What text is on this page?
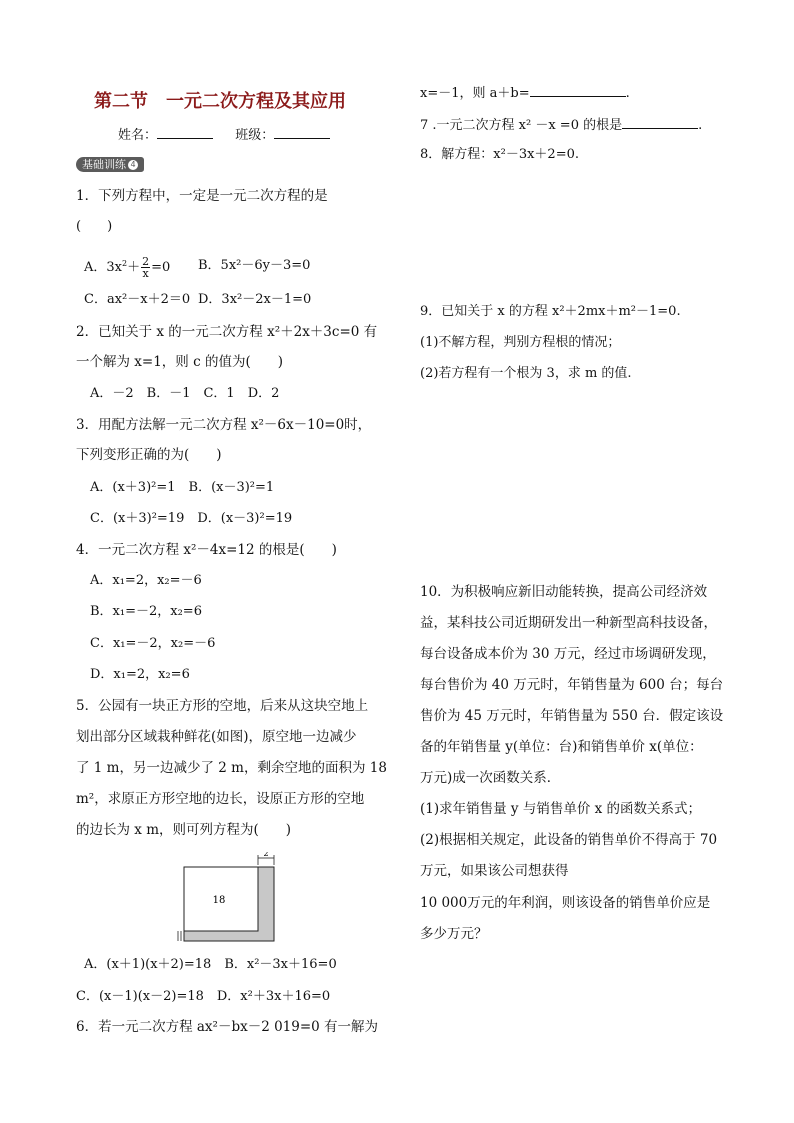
第二节 一元二次方程及其应用
姓名：	班级：
基础训练 4
1．下列方程中，一定是一元二次方程的是
(　　)
A．$3x^2+ \frac{2}{x} =0$ B．5x²－6y－3=0
C．ax²－x＋2＝0 D．3x²－2x－1=0
2．已知关于 x 的一元二次方程 x²＋2x＋3c=0 有
一个解为 x=1，则 c 的值为(　　)
A．－2　B．－1　C．1　D．2
3．用配方法解一元二次方程 x²－6x－10=0时，
下列变形正确的为(　　)
A．(x＋3)²=1　B．(x－3)²=1
C．(x＋3)²=19　D．(x－3)²=19
4．一元二次方程 x²－4x=12 的根是(　　)
A．x₁=2，x₂=－6
B．x₁=－2，x₂=6
C．x₁=－2，x₂=－6
D．x₁=2，x₂=6
5．公园有一块正方形的空地，后来从这块空地上
划出部分区域栽种鲜花(如图)，原空地一边减少
了 1 m，另一边减少了 2 m，剩余空地的面积为 18
m²，求原正方形空地的边长，设原正方形的空地
的边长为 x m，则可列方程为(　　)
18
2
A．(x＋1)(x＋2)=18　B．x²－3x＋16=0
C．(x－1)(x－2)=18　D．x²＋3x＋16=0
6．若一元二次方程 ax²－bx－2 019=0 有一解为
x=－1，则 a＋b=	.
7 .一元二次方程 x² －x =0 的根是	.
8．解方程：x²－3x＋2=0.
9．已知关于 x 的方程 x²＋2mx＋m²－1=0.
(1)不解方程，判别方程根的情况；
(2)若方程有一个根为 3，求 m 的值.
10．为积极响应新旧动能转换，提高公司经济效
益，某科技公司近期研发出一种新型高科技设备，
每台设备成本价为 30 万元，经过市场调研发现，
每台售价为 40 万元时，年销售量为 600 台；每台
售价为 45 万元时，年销售量为 550 台．假定该设
备的年销售量 y(单位：台)和销售单价 x(单位：
万元)成一次函数关系．
(1)求年销售量 y 与销售单价 x 的函数关系式；
(2)根据相关规定，此设备的销售单价不得高于 70
万元，如果该公司想获得
10 000万元的年利润，则该设备的销售单价应是
多少万元？
